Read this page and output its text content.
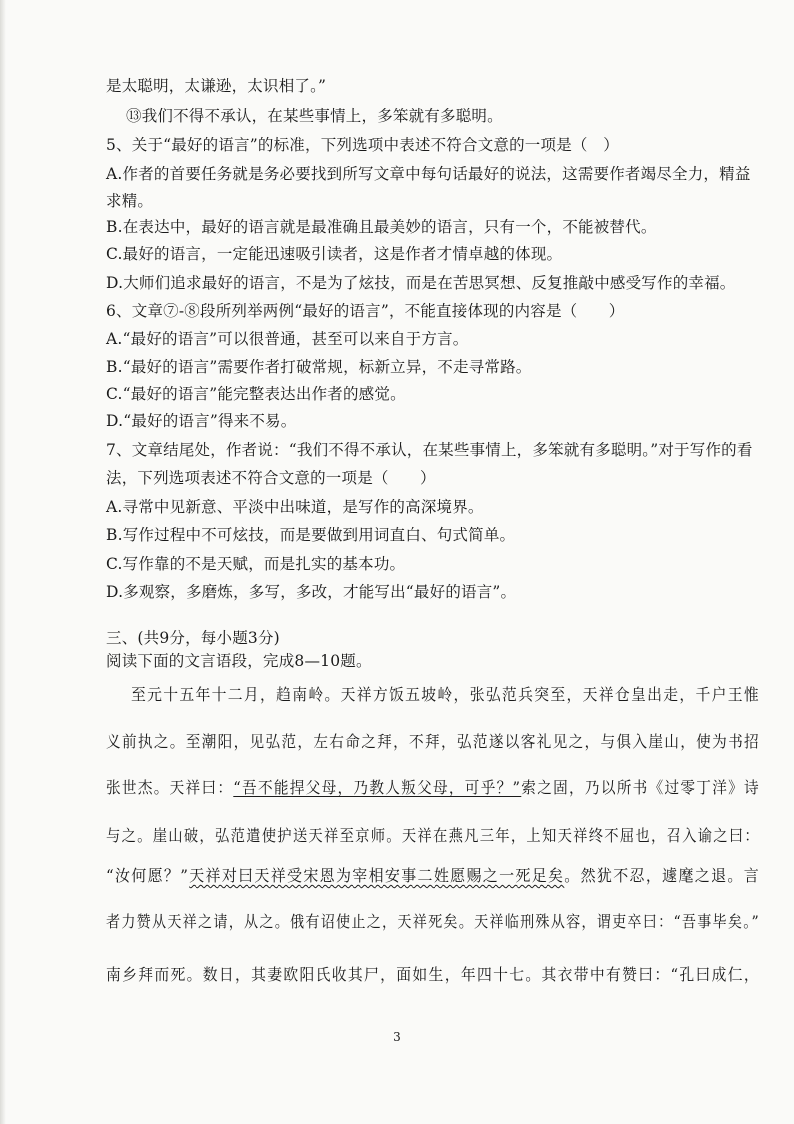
是太聪明，太谦逊，太识相了。”
⑬我们不得不承认，在某些事情上，多笨就有多聪明。
5、关于“最好的语言”的标准，下列选项中表述不符合文意的一项是（　）
A.作者的首要任务就是务必要找到所写文章中每句话最好的说法，这需要作者竭尽全力，精益
求精。
B.在表达中，最好的语言就是最准确且最美妙的语言，只有一个，不能被替代。
C.最好的语言，一定能迅速吸引读者，这是作者才情卓越的体现。
D.大师们追求最好的语言，不是为了炫技，而是在苦思冥想、反复推敲中感受写作的幸福。
6、文章⑦-⑧段所列举两例“最好的语言”，不能直接体现的内容是（　　）
A.“最好的语言”可以很普通，甚至可以来自于方言。
B.“最好的语言”需要作者打破常规，标新立异，不走寻常路。
C.“最好的语言”能完整表达出作者的感觉。
D.“最好的语言”得来不易。
7、文章结尾处，作者说：“我们不得不承认，在某些事情上，多笨就有多聪明。”对于写作的看
法，下列选项表述不符合文意的一项是（　　）
A.寻常中见新意、平淡中出味道，是写作的高深境界。
B.写作过程中不可炫技，而是要做到用词直白、句式简单。
C.写作靠的不是天赋，而是扎实的基本功。
D.多观察，多磨炼，多写，多改，才能写出“最好的语言”。
三、(共9分，每小题3分)
阅读下面的文言语段，完成8—10题。
至元十五年十二月，趋南岭。天祥方饭五坡岭，张弘范兵突至，天祥仓皇出走，千户王惟
义前执之。至潮阳，见弘范，左右命之拜，不拜，弘范遂以客礼见之，与俱入崖山，使为书招
张世杰。天祥曰：“吾不能捍父母，乃教人叛父母，可乎？”索之固，乃以所书《过零丁洋》诗
与之。崖山破，弘范遣使护送天祥至京师。天祥在燕凡三年，上知天祥终不屈也，召入谕之曰：
“汝何愿？”天祥对曰天祥受宋恩为宰相安事二姓愿赐之一死足矣。然犹不忍，遽麾之退。言
者力赞从天祥之请，从之。俄有诏使止之，天祥死矣。天祥临刑殊从容，谓吏卒曰：“吾事毕矣。”
南乡拜而死。数日，其妻欧阳氏收其尸，面如生，年四十七。其衣带中有赞曰：“孔曰成仁，
3
